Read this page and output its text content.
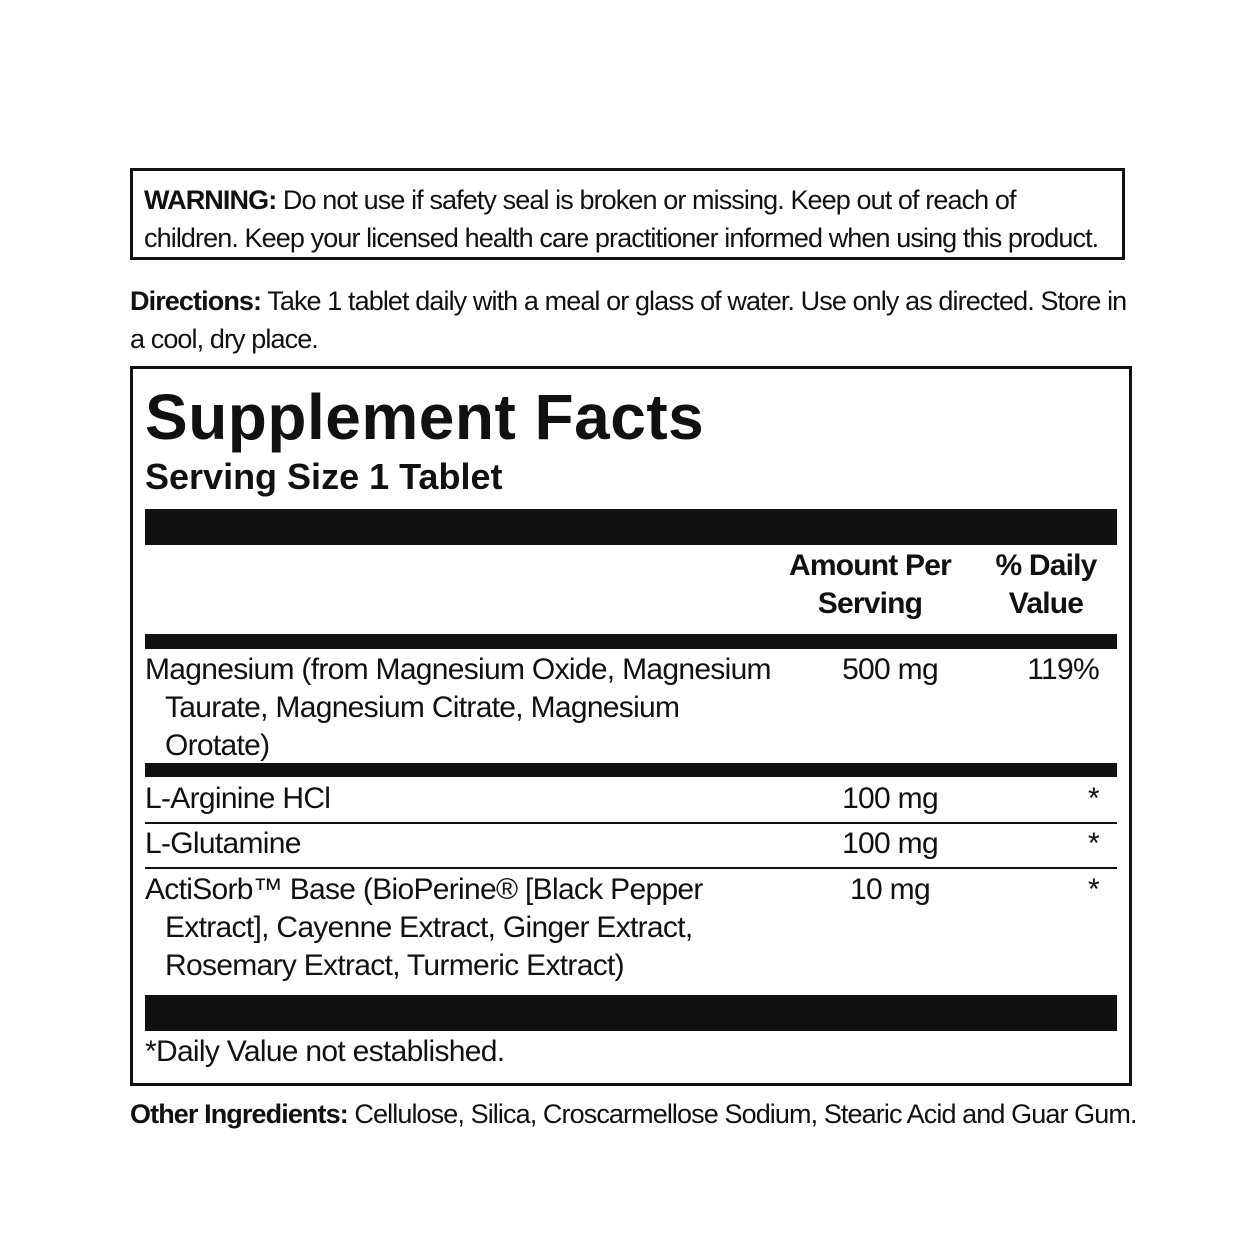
WARNING: Do not use if safety seal is broken or missing. Keep out of reach of children. Keep your licensed health care practitioner informed when using this product.
Directions: Take 1 tablet daily with a meal or glass of water. Use only as directed. Store in a cool, dry place.
Supplement Facts
Serving Size 1 Tablet
Amount Per
Serving
% Daily
Value
Magnesium (from Magnesium Oxide, Magnesium
Taurate, Magnesium Citrate, Magnesium
Orotate)
500 mg	119%
L-Arginine HCl	100 mg	*
L-Glutamine	100 mg	*
ActiSorb™ Base (BioPerine® [Black Pepper
Extract], Cayenne Extract, Ginger Extract,
Rosemary Extract, Turmeric Extract)
10 mg	*
*Daily Value not established.
Other Ingredients: Cellulose, Silica, Croscarmellose Sodium, Stearic Acid and Guar Gum.
